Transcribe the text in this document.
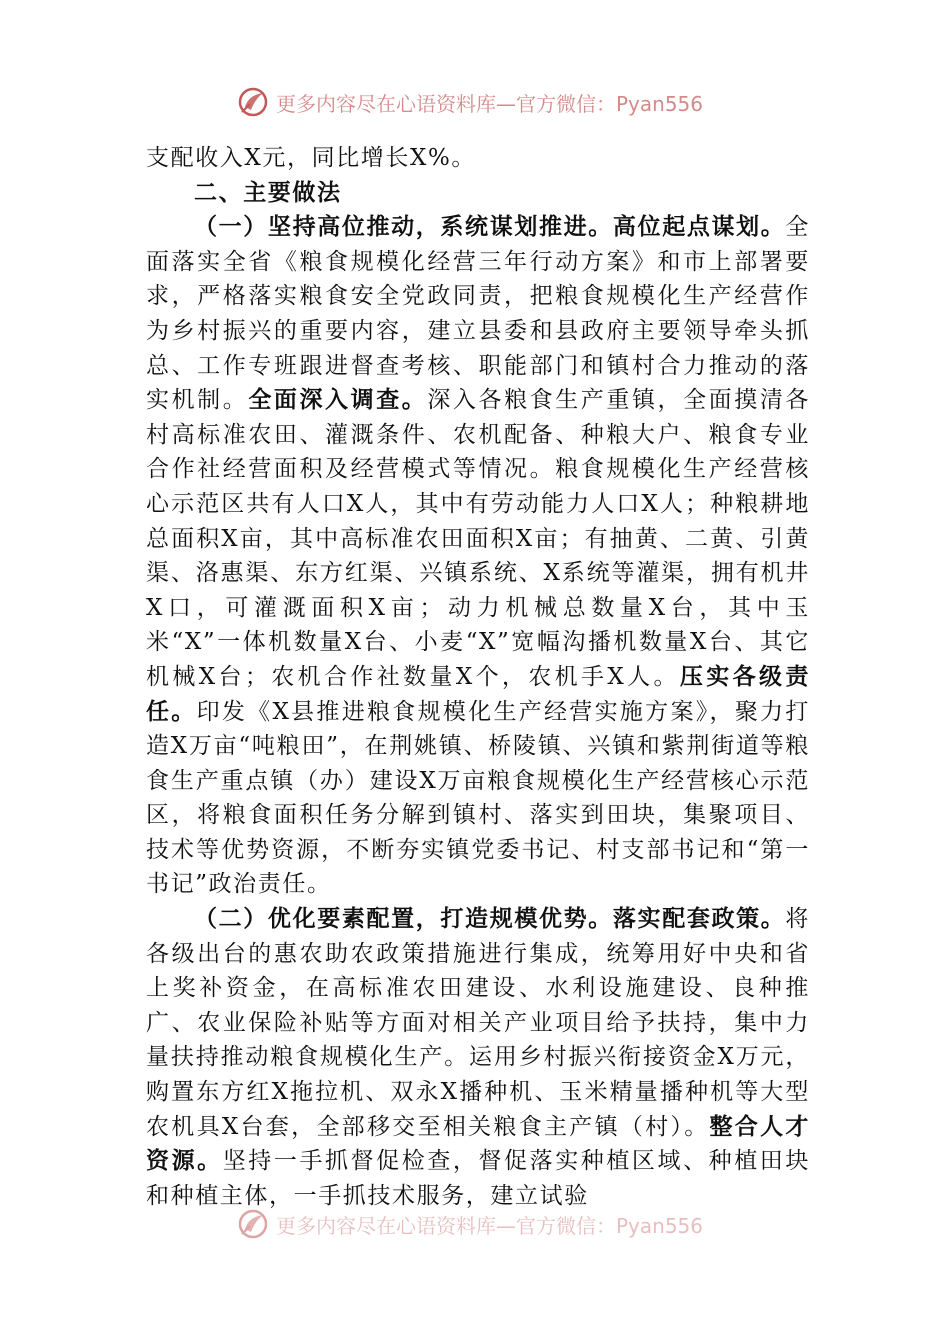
更多内容尽在心语资料库—官方微信：Pyan556

支配收入X元，同比增长X%。

二、主要做法

（一）坚持高位推动，系统谋划推进。高位起点谋划。全面落实全省《粮食规模化经营三年行动方案》和市上部署要求，严格落实粮食安全党政同责，把粮食规模化生产经营作为乡村振兴的重要内容，建立县委和县政府主要领导牵头抓总、工作专班跟进督查考核、职能部门和镇村合力推动的落实机制。全面深入调查。深入各粮食生产重镇，全面摸清各村高标准农田、灌溉条件、农机配备、种粮大户、粮食专业合作社经营面积及经营模式等情况。粮食规模化生产经营核心示范区共有人口X人，其中有劳动能力人口X人；种粮耕地总面积X亩，其中高标准农田面积X亩；有抽黄、二黄、引黄渠、洛惠渠、东方红渠、兴镇系统、X系统等灌渠，拥有机井X口，可灌溉面积X亩；动力机械总数量X台，其中玉米“X”一体机数量X台、小麦“X”宽幅沟播机数量X台、其它机械X台；农机合作社数量X个，农机手X人。压实各级责任。印发《X县推进粮食规模化生产经营实施方案》，聚力打造X万亩“吨粮田”，在荆姚镇、桥陵镇、兴镇和紫荆街道等粮食生产重点镇（办）建设X万亩粮食规模化生产经营核心示范区，将粮食面积任务分解到镇村、落实到田块，集聚项目、技术等优势资源，不断夯实镇党委书记、村支部书记和“第一书记”政治责任。

（二）优化要素配置，打造规模优势。落实配套政策。将各级出台的惠农助农政策措施进行集成，统筹用好中央和省上奖补资金，在高标准农田建设、水利设施建设、良种推广、农业保险补贴等方面对相关产业项目给予扶持，集中力量扶持推动粮食规模化生产。运用乡村振兴衔接资金X万元，购置东方红X拖拉机、双永X播种机、玉米精量播种机等大型农机具X台套，全部移交至相关粮食主产镇（村）。整合人才资源。坚持一手抓督促检查，督促落实种植区域、种植田块和种植主体，一手抓技术服务，建立试验

更多内容尽在心语资料库—官方微信：Pyan556
